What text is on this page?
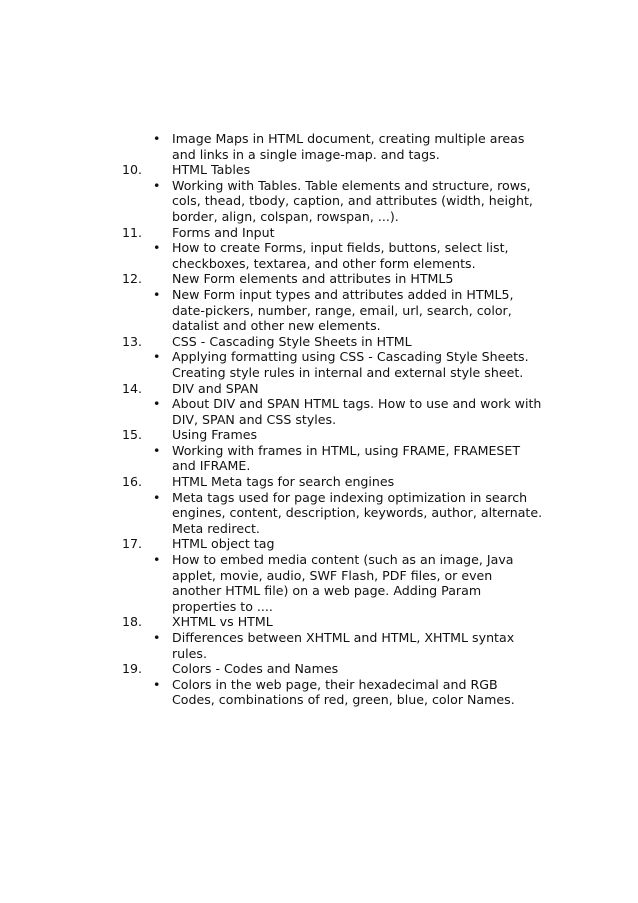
• Image Maps in HTML document, creating multiple areas and links in a single image-map. and tags.
10. HTML Tables
• Working with Tables. Table elements and structure, rows, cols, thead, tbody, caption, and attributes (width, height, border, align, colspan, rowspan, ...).
11. Forms and Input
• How to create Forms, input fields, buttons, select list, checkboxes, textarea, and other form elements.
12. New Form elements and attributes in HTML5
• New Form input types and attributes added in HTML5, date-pickers, number, range, email, url, search, color, datalist and other new elements.
13. CSS - Cascading Style Sheets in HTML
• Applying formatting using CSS - Cascading Style Sheets. Creating style rules in internal and external style sheet.
14. DIV and SPAN
• About DIV and SPAN HTML tags. How to use and work with DIV, SPAN and CSS styles.
15. Using Frames
• Working with frames in HTML, using FRAME, FRAMESET and IFRAME.
16. HTML Meta tags for search engines
• Meta tags used for page indexing optimization in search engines, content, description, keywords, author, alternate. Meta redirect.
17. HTML object tag
• How to embed media content (such as an image, Java applet, movie, audio, SWF Flash, PDF files, or even another HTML file) on a web page. Adding Param properties to ....
18. XHTML vs HTML
• Differences between XHTML and HTML, XHTML syntax rules.
19. Colors - Codes and Names
• Colors in the web page, their hexadecimal and RGB Codes, combinations of red, green, blue, color Names.
